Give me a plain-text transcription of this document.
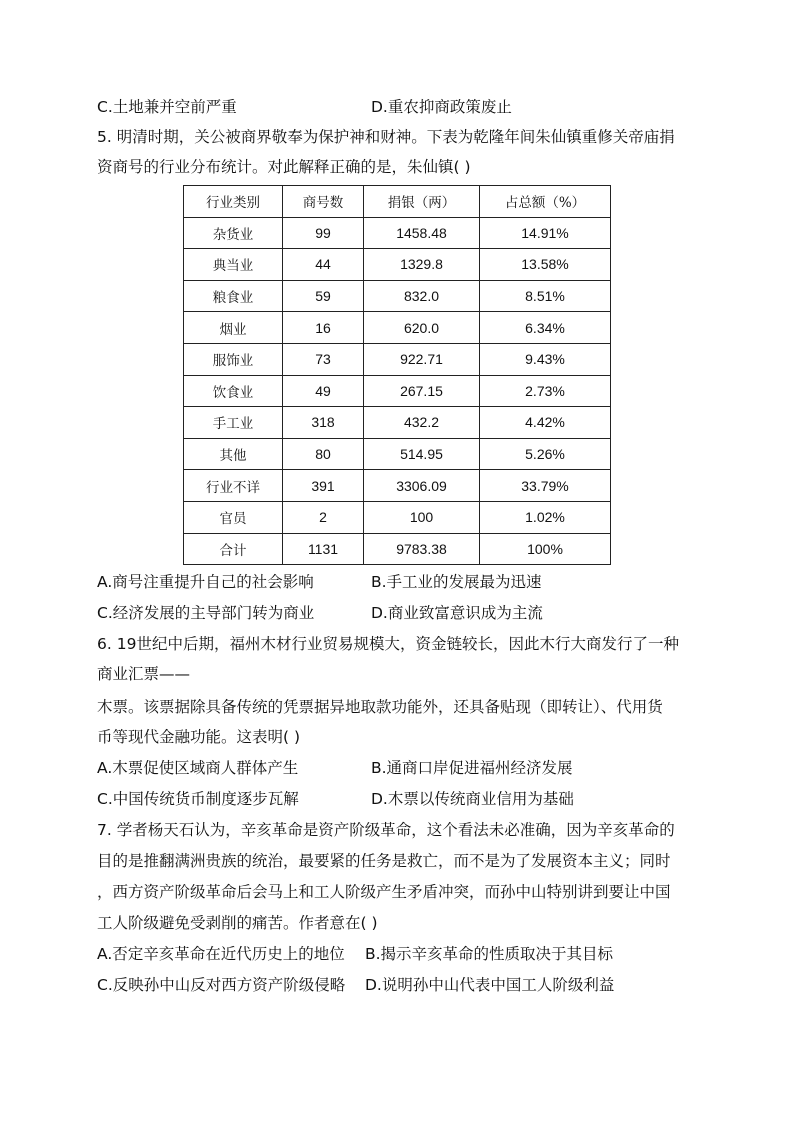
C.土地兼并空前严重	D.重农抑商政策废止
5. 明清时期，关公被商界敬奉为保护神和财神。下表为乾隆年间朱仙镇重修关帝庙捐
资商号的行业分布统计。对此解释正确的是，朱仙镇( )
行业类别	商号数	捐银（两）	占总额（%）
杂货业	99	1458.48	14.91%
典当业	44	1329.8	13.58%
粮食业	59	832.0	8.51%
烟业	16	620.0	6.34%
服饰业	73	922.71	9.43%
饮食业	49	267.15	2.73%
手工业	318	432.2	4.42%
其他	80	514.95	5.26%
行业不详	391	3306.09	33.79%
官员	2	100	1.02%
合计	1131	9783.38	100%
A.商号注重提升自己的社会影响	B.手工业的发展最为迅速
C.经济发展的主导部门转为商业	D.商业致富意识成为主流
6. 19世纪中后期，福州木材行业贸易规模大，资金链较长，因此木行大商发行了一种
商业汇票——
木票。该票据除具备传统的凭票据异地取款功能外，还具备贴现（即转让）、代用货
币等现代金融功能。这表明( )
A.木票促使区域商人群体产生	B.通商口岸促进福州经济发展
C.中国传统货币制度逐步瓦解	D.木票以传统商业信用为基础
7. 学者杨天石认为，辛亥革命是资产阶级革命，这个看法未必准确，因为辛亥革命的
目的是推翻满洲贵族的统治，最要紧的任务是救亡，而不是为了发展资本主义；同时
，西方资产阶级革命后会马上和工人阶级产生矛盾冲突，而孙中山特别讲到要让中国
工人阶级避免受剥削的痛苦。作者意在( )
A.否定辛亥革命在近代历史上的地位 B.揭示辛亥革命的性质取决于其目标
C.反映孙中山反对西方资产阶级侵略 D.说明孙中山代表中国工人阶级利益
